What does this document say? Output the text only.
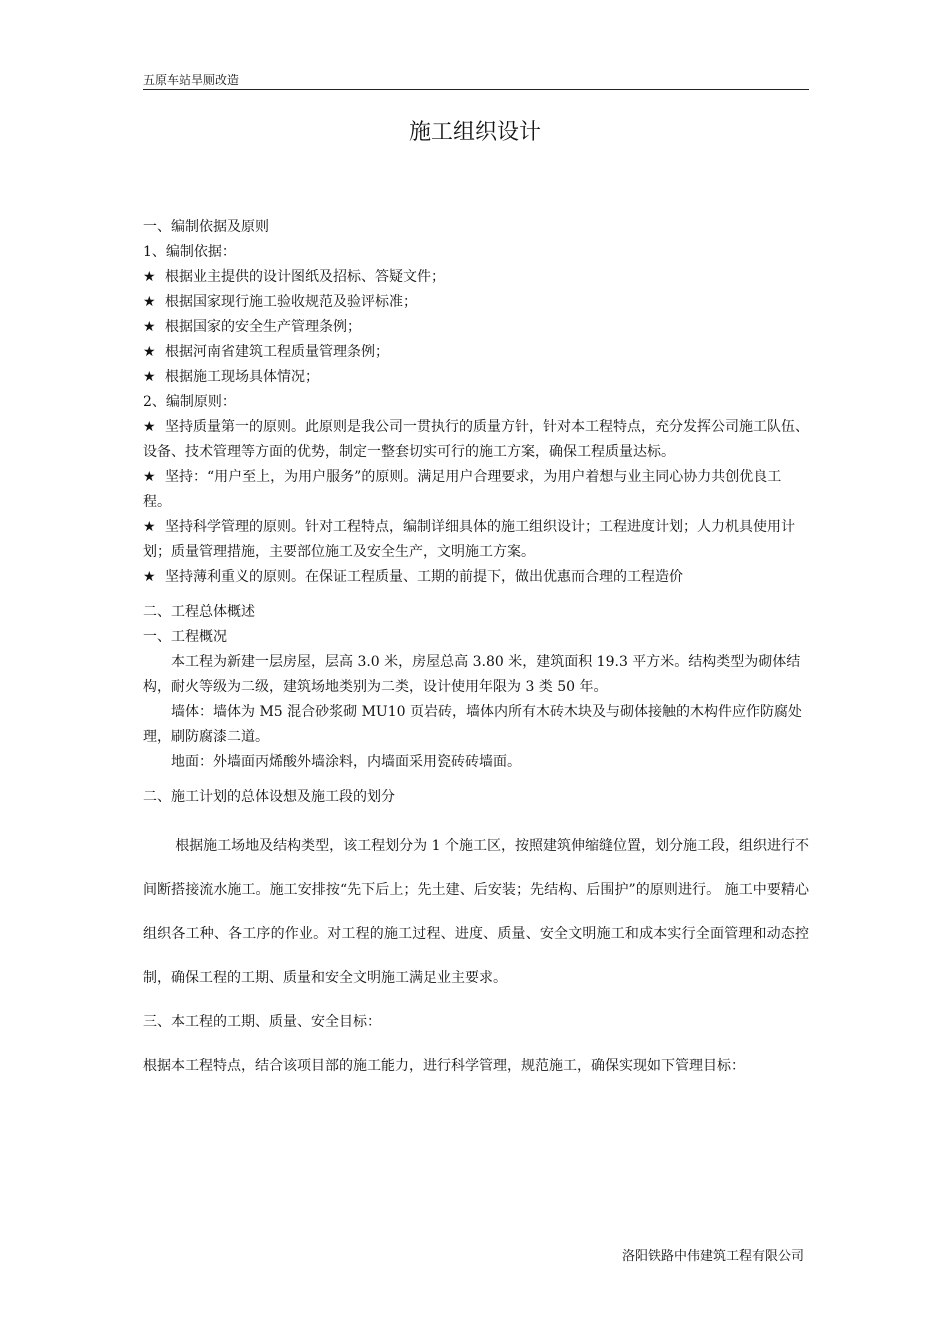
五原车站旱厕改造
施工组织设计

一、编制依据及原则

1、编制依据：

★ 根据业主提供的设计图纸及招标、答疑文件；

★ 根据国家现行施工验收规范及验评标准；

★ 根据国家的安全生产管理条例；

★ 根据河南省建筑工程质量管理条例；

★ 根据施工现场具体情况；

2、编制原则：

★ 坚持质量第一的原则。此原则是我公司一贯执行的质量方针，针对本工程特点，充分发挥公司施工队伍、设备、技术管理等方面的优势，制定一整套切实可行的施工方案，确保工程质量达标。

★ 坚持：“用户至上，为用户服务”的原则。满足用户合理要求，为用户着想与业主同心协力共创优良工程。

★ 坚持科学管理的原则。针对工程特点，编制详细具体的施工组织设计；工程进度计划；人力机具使用计划；质量管理措施，主要部位施工及安全生产，文明施工方案。

★ 坚持薄利重义的原则。在保证工程质量、工期的前提下，做出优惠而合理的工程造价

二、工程总体概述

一、工程概况

本工程为新建一层房屋，层高 3.0 米，房屋总高 3.80 米，建筑面积 19.3 平方米。结构类型为砌体结构，耐火等级为二级，建筑场地类别为二类，设计使用年限为 3 类 50 年。

墙体：墙体为 M5 混合砂浆砌 MU10 页岩砖，墙体内所有木砖木块及与砌体接触的木构件应作防腐处理，刷防腐漆二道。

地面：外墙面丙烯酸外墙涂料，内墙面采用瓷砖砖墙面。

二、施工计划的总体设想及施工段的划分

根据施工场地及结构类型，该工程划分为 1 个施工区，按照建筑伸缩缝位置，划分施工段，组织进行不间断搭接流水施工。施工安排按“先下后上；先土建、后安装；先结构、后围护”的原则进行。 施工中要精心组织各工种、各工序的作业。对工程的施工过程、进度、质量、安全文明施工和成本实行全面管理和动态控制，确保工程的工期、质量和安全文明施工满足业主要求。

三、本工程的工期、质量、安全目标：

根据本工程特点，结合该项目部的施工能力，进行科学管理，规范施工，确保实现如下管理目标：

洛阳铁路中伟建筑工程有限公司
